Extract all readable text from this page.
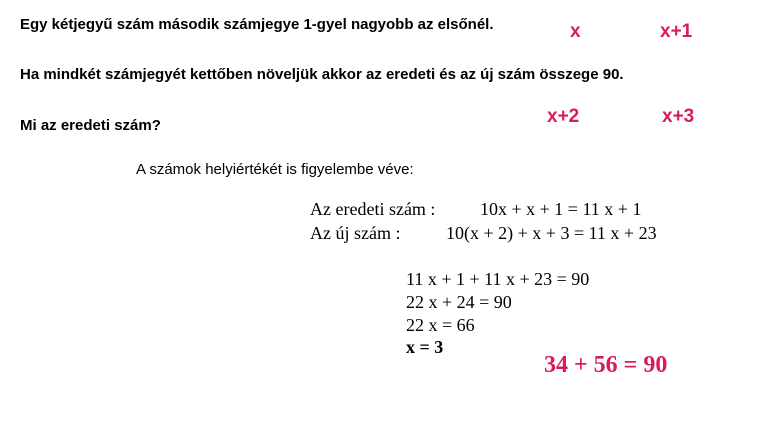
Egy kétjegyű szám második számjegye 1-gyel nagyobb az elsőnél.
Ha mindkét számjegyét kettőben növeljük akkor az eredeti és az új szám összege 90.
Mi az eredeti szám?
x	x+1
x+2	x+3
A számok helyiértékét is figyelembe véve:
Az eredeti szám : 10x + x + 1 = 11 x + 1
Az új szám :	10(x + 2) + x + 3 = 11 x + 23
11 x + 1 + 11 x + 23 = 90
22 x + 24 = 90
22 x = 66
x = 3
34 + 56 = 90
